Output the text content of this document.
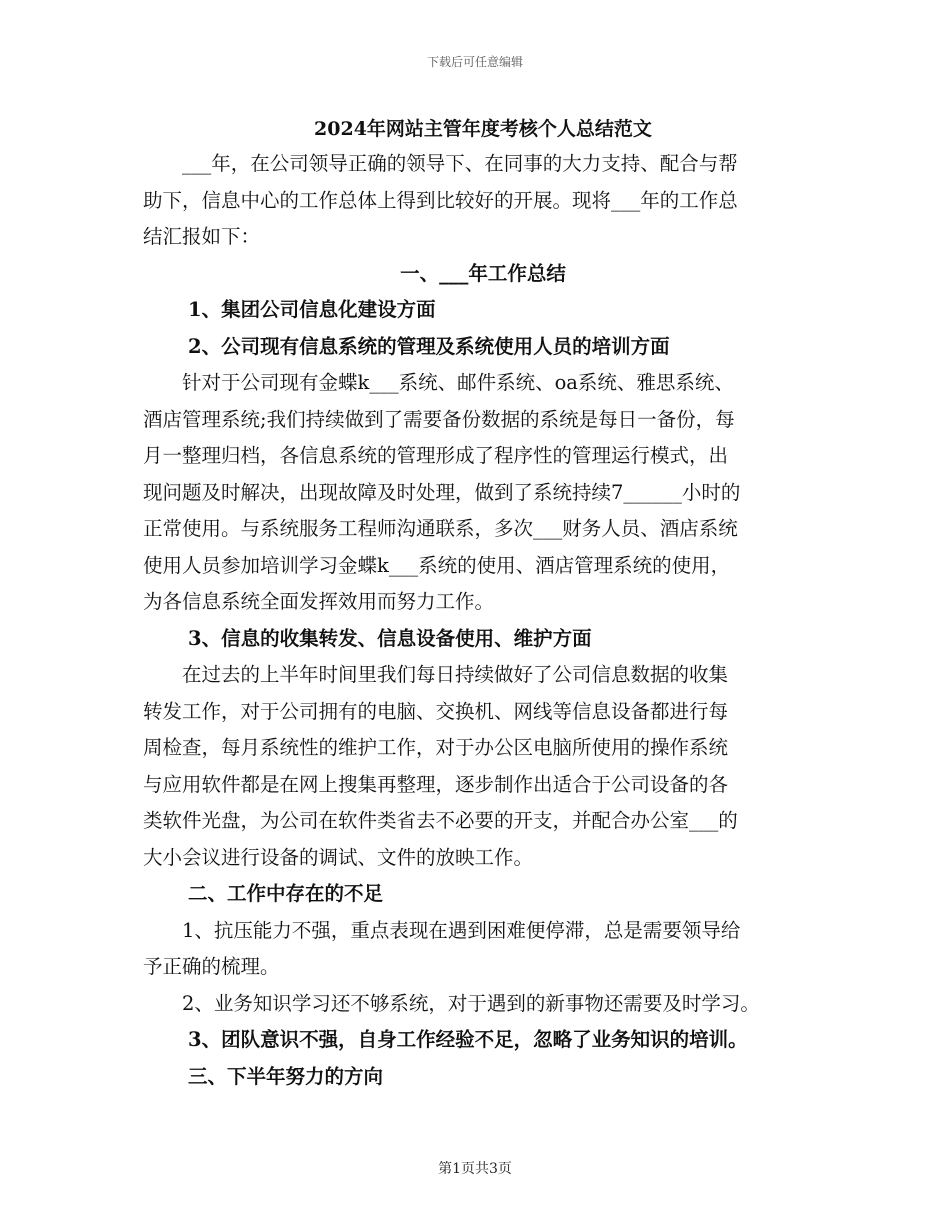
下载后可任意编辑
2024年网站主管年度考核个人总结范文
___年，在公司领导正确的领导下、在同事的大力支持、配合与帮
助下，信息中心的工作总体上得到比较好的开展。现将___年的工作总
结汇报如下：
一、___年工作总结
1、集团公司信息化建设方面
2、公司现有信息系统的管理及系统使用人员的培训方面
针对于公司现有金蝶k___系统、邮件系统、oa系统、雅思系统、
酒店管理系统;我们持续做到了需要备份数据的系统是每日一备份，每
月一整理归档，各信息系统的管理形成了程序性的管理运行模式，出
现问题及时解决，出现故障及时处理，做到了系统持续7______小时的
正常使用。与系统服务工程师沟通联系，多次___财务人员、酒店系统
使用人员参加培训学习金蝶k___系统的使用、酒店管理系统的使用，
为各信息系统全面发挥效用而努力工作。
3、信息的收集转发、信息设备使用、维护方面
在过去的上半年时间里我们每日持续做好了公司信息数据的收集
转发工作，对于公司拥有的电脑、交换机、网线等信息设备都进行每
周检查，每月系统性的维护工作，对于办公区电脑所使用的操作系统
与应用软件都是在网上搜集再整理，逐步制作出适合于公司设备的各
类软件光盘，为公司在软件类省去不必要的开支，并配合办公室___的
大小会议进行设备的调试、文件的放映工作。
二、工作中存在的不足
1、抗压能力不强，重点表现在遇到困难便停滞，总是需要领导给
予正确的梳理。
2、业务知识学习还不够系统，对于遇到的新事物还需要及时学习。
3、团队意识不强，自身工作经验不足，忽略了业务知识的培训。
三、下半年努力的方向
第1页共3页
